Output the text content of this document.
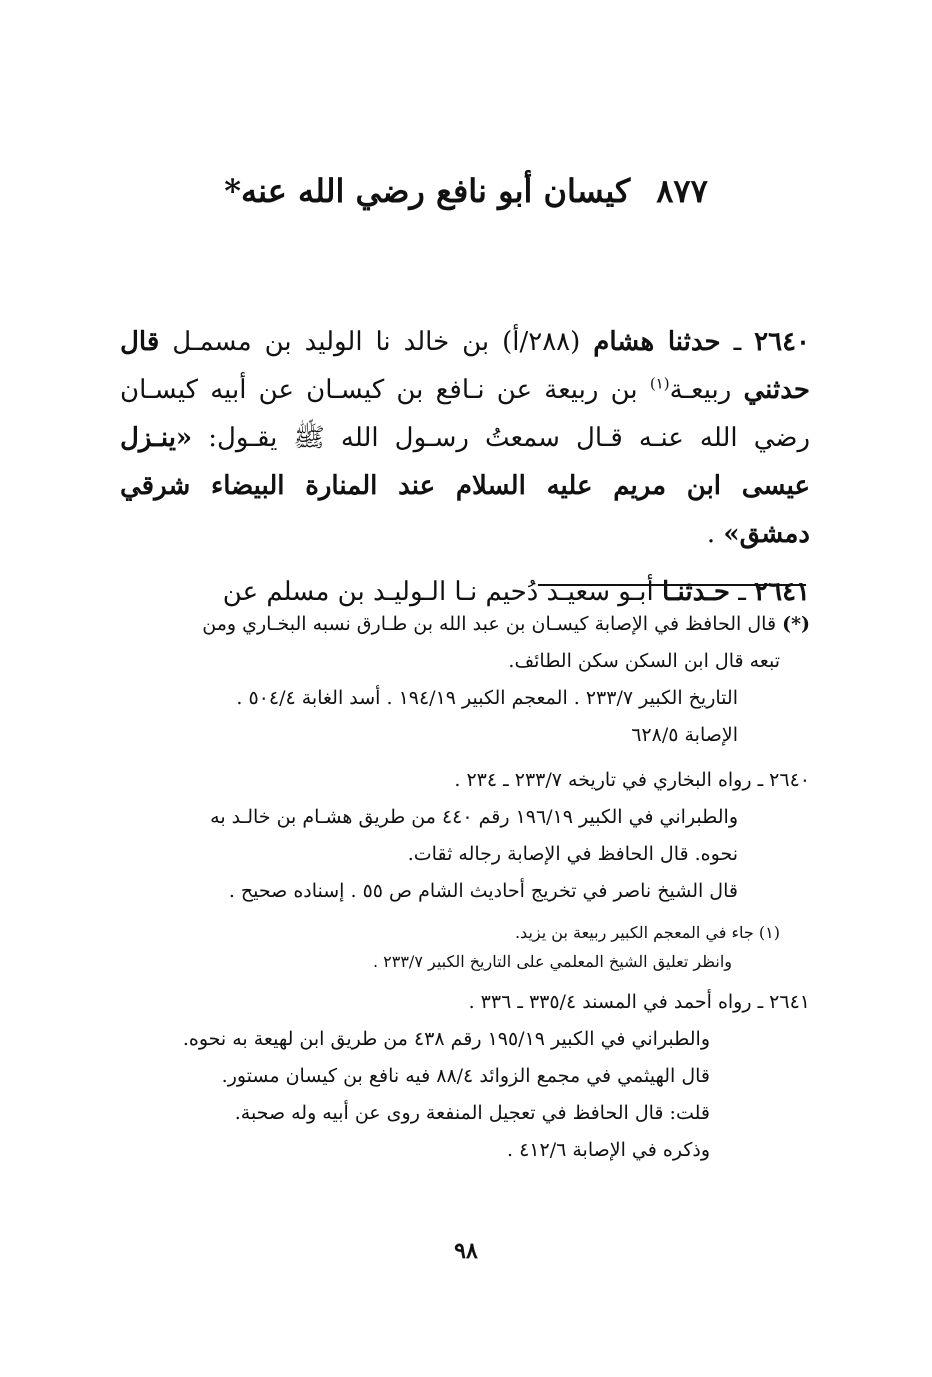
٨٧٧كيسان أبو نافع رضي الله عنه*

٢٦٤٠ ـ حدثنا هشام (٢٨٨/أ) بن خالد نا الوليد بن مسمـل قال حدثني ربيعـة$^{(١)}$ بن ربيعة عن نـافع بن كيسـان عن أبيه كيسـان رضي الله عنـه قـال سمعتُ رسـول الله ﷺ يقـول: «ينـزل عيسى ابن مريم عليه السلام عند المنارة البيضاء شرقي دمشق» .

٢٦٤١ ـ حـدثنـا أبـو سعيـد دُحيم نـا الـوليـد بن مسلم عن

(*) قال الحافظ في الإصابة كيسـان بن عبد الله بن طـارق نسبه البخـاري ومن

تبعه قال ابن السكن سكن الطائف.

التاريخ الكبير ٢٣٣/٧ . المعجم الكبير ١٩٤/١٩ . أسد الغابة ٥٠٤/٤ .

الإصابة ٦٢٨/٥

٢٦٤٠ ـ رواه البخاري في تاريخه ٢٣٣/٧ ـ ٢٣٤ .

والطبراني في الكبير ١٩٦/١٩ رقم ٤٤٠ من طريق هشـام بن خالـد به

نحوه. قال الحافظ في الإصابة رجاله ثقات.

قال الشيخ ناصر في تخريج أحاديث الشام ص ٥٥ . إسناده صحيح .

(١) جاء في المعجم الكبير ربيعة بن يزيد.

وانظر تعليق الشيخ المعلمي على التاريخ الكبير ٢٣٣/٧ .

٢٦٤١ ـ رواه أحمد في المسند ٣٣٥/٤ ـ ٣٣٦ .

والطبراني في الكبير ١٩٥/١٩ رقم ٤٣٨ من طريق ابن لهيعة به نحوه.

قال الهيثمي في مجمع الزوائد ٨٨/٤ فيه نافع بن كيسان مستور.

قلت: قال الحافظ في تعجيل المنفعة روى عن أبيه وله صحبة.

وذكره في الإصابة ٤١٢/٦ .

٩٨
